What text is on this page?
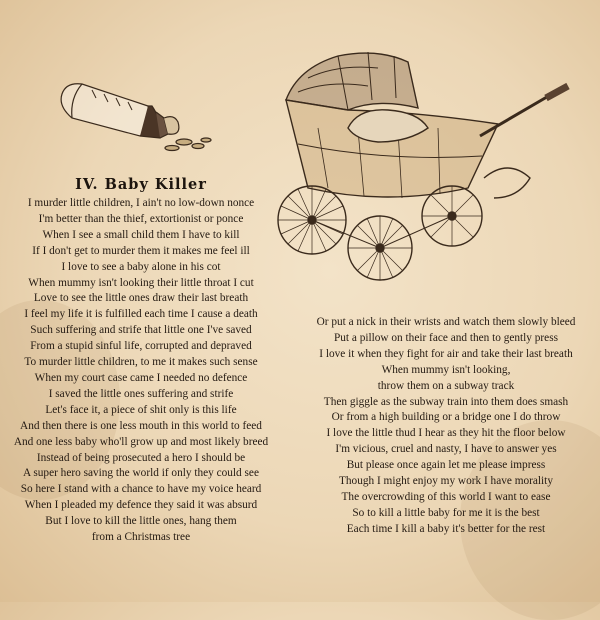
IV. Baby Killer
I murder little children, I ain't no low-down nonce
I'm better than the thief, extortionist or ponce
When I see a small child them I have to kill
If I don't get to murder them it makes me feel ill
I love to see a baby alone in his cot
When mummy isn't looking their little throat I cut
Love to see the little ones draw their last breath
I feel my life it is fulfilled each time I cause a death
Such suffering and strife that little one I've saved
From a stupid sinful life, corrupted and depraved
To murder little children, to me it makes such sense
When my court case came I needed no defence
I saved the little ones suffering and strife
Let's face it, a piece of shit only is this life
And then there is one less mouth in this world to feed
And one less baby who'll grow up and most likely breed
Instead of being prosecuted a hero I should be
A super hero saving the world if only they could see
So here I stand with a chance to have my voice heard
When I pleaded my defence they said it was absurd
But I love to kill the little ones, hang them
from a Christmas tree
Or put a nick in their wrists and watch them slowly bleed
Put a pillow on their face and then to gently press
I love it when they fight for air and take their last breath
When mummy isn't looking,
throw them on a subway track
Then giggle as the subway train into them does smash
Or from a high building or a bridge one I do throw
I love the little thud I hear as they hit the floor below
I'm vicious, cruel and nasty, I have to answer yes
But please once again let me please impress
Though I might enjoy my work I have morality
The overcrowding of this world I want to ease
So to kill a little baby for me it is the best
Each time I kill a baby it's better for the rest
